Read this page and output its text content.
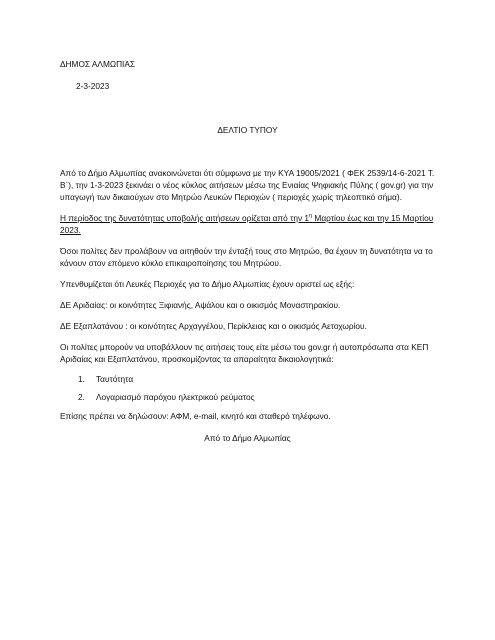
ΔΗΜΟΣ ΑΛΜΩΠΙΑΣ
2-3-2023
ΔΕΛΤΙΟ ΤΥΠΟΥ
Από το Δήμο Αλμωπίας ανακοινώνεται ότι σύμφωνα με την ΚΥΑ 19005/2021 ( ΦΕΚ 2539/14-6-2021 Τ.
Β΄), την 1-3-2023 ξεκινάει ο νέος κύκλος αιτήσεων μέσω της Ενιαίας Ψηφιακής Πύλης ( gov.gr) για την
υπαγωγή των δικαιούχων στο Μητρώο Λευκών Περιοχών ( περιοχές χωρίς τηλεοπτικό σήμα).
Η περίοδος της δυνατότητας υποβολής αιτήσεων ορίζεται από την $1^\eta$ Μαρτίου έως και την 15 Μαρτίου
2023.
Όσοι πολίτες δεν προλάβουν να αιτηθούν την ένταξή τους στο Μητρώο, θα έχουν τη δυνατότητα να το
κάνουν στον επόμενο κύκλο επικαιροποίησης του Μητρώου.
Υπενθυμίζεται ότι Λευκές Περιοχές για το Δήμο Αλμωπίας έχουν οριστεί ως εξής:
ΔΕ Αριδαίας: οι κοινότητες Ξιφιανής, Αψάλου και ο οικισμός Μοναστηρακίου.
ΔΕ Εξαπλατάνου : οι κοινότητες Αρχαγγέλου, Περίκλειας και ο οικισμός Αετοχωρίου.
Οι πολίτες μπορούν να υποβάλλουν τις αιτήσεις τους είτε μέσω του gov.gr ή αυτοπρόσωπα στα ΚΕΠ
Αριδαίας και Εξαπλατάνου, προσκομίζοντας τα απαραίτητα δικαιολογητικά:
1. Ταυτότητα
2. Λογαριασμό παρόχου ηλεκτρικού ρεύματος
Επίσης πρέπει να δηλώσουν: ΑΦΜ, e-mail, κινητό και σταθερό τηλέφωνο.
Από το Δήμο Αλμωπίας
